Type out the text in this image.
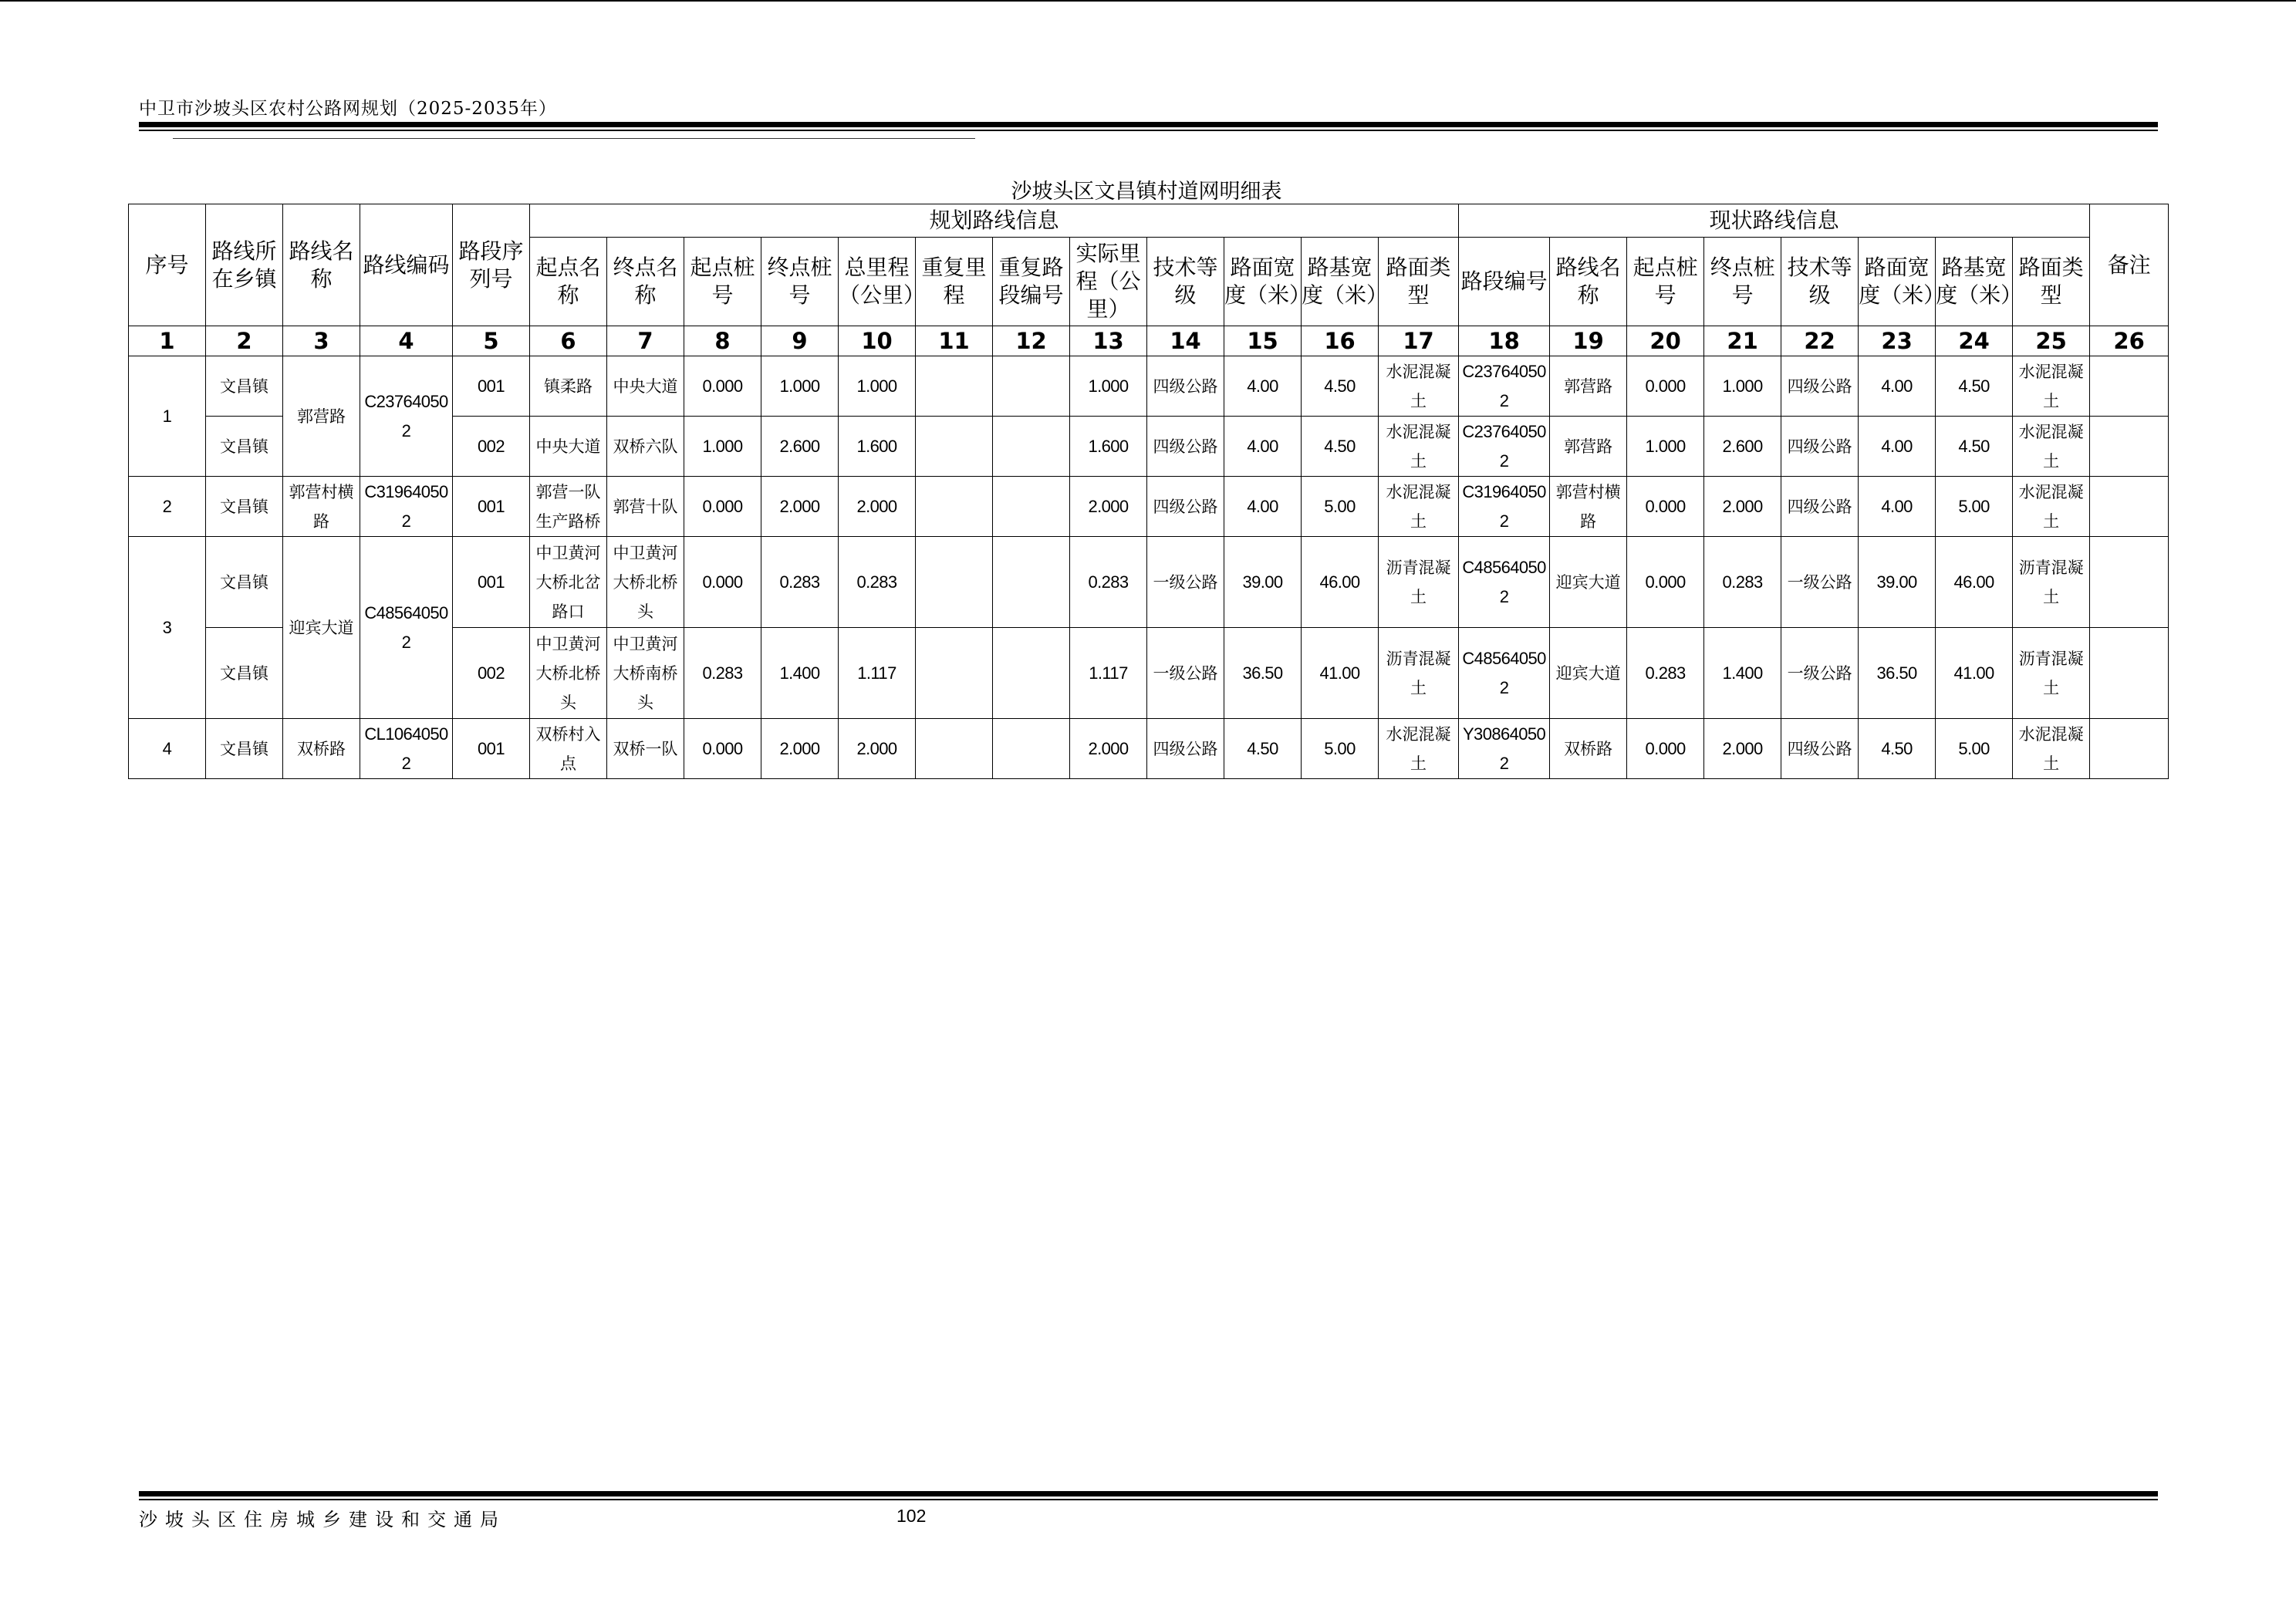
中卫市沙坡头区农村公路网规划（2025-2035年）
沙坡头区文昌镇村道网明细表
序号	路线所在乡镇	路线名称	路线编码	路段序列号	规划路线信息												现状路线信息								备注
					起点名称	终点名称	起点桩号	终点桩号	总里程（公里）	重复里程	重复路段编号	实际里程（公里）	技术等级	路面宽度（米）	路基宽度（米）	路面类型	路段编号	路线名称	起点桩号	终点桩号	技术等级	路面宽度（米）	路基宽度（米）	路面类型	
1	2	3	4	5	6	7	8	9	10	11	12	13	14	15	16	17	18	19	20	21	22	23	24	25	26
1	文昌镇	郭营路	C237640502	001	镇柔路	中央大道	0.000	1.000	1.000			1.000	四级公路	4.00	4.50	水泥混凝土	C237640502	郭营路	0.000	1.000	四级公路	4.00	4.50	水泥混凝土	
	文昌镇			002	中央大道	双桥六队	1.000	2.600	1.600			1.600	四级公路	4.00	4.50	水泥混凝土	C237640502	郭营路	1.000	2.600	四级公路	4.00	4.50	水泥混凝土	
2	文昌镇	郭营村横路	C319640502	001	郭营一队生产路桥	郭营十队	0.000	2.000	2.000			2.000	四级公路	4.00	5.00	水泥混凝土	C319640502	郭营村横路	0.000	2.000	四级公路	4.00	5.00	水泥混凝土	
3	文昌镇	迎宾大道	C485640502	001	中卫黄河大桥北岔路口	中卫黄河大桥北桥头	0.000	0.283	0.283			0.283	一级公路	39.00	46.00	沥青混凝土	C485640502	迎宾大道	0.000	0.283	一级公路	39.00	46.00	沥青混凝土	
	文昌镇			002	中卫黄河大桥北桥头	中卫黄河大桥南桥头	0.283	1.400	1.117			1.117	一级公路	36.50	41.00	沥青混凝土	C485640502	迎宾大道	0.283	1.400	一级公路	36.50	41.00	沥青混凝土	
4	文昌镇	双桥路	CL10640502	001	双桥村入点	双桥一队	0.000	2.000	2.000			2.000	四级公路	4.50	5.00	水泥混凝土	Y308640502	双桥路	0.000	2.000	四级公路	4.50	5.00	水泥混凝土	
沙坡头区住房城乡建设和交通局	102
